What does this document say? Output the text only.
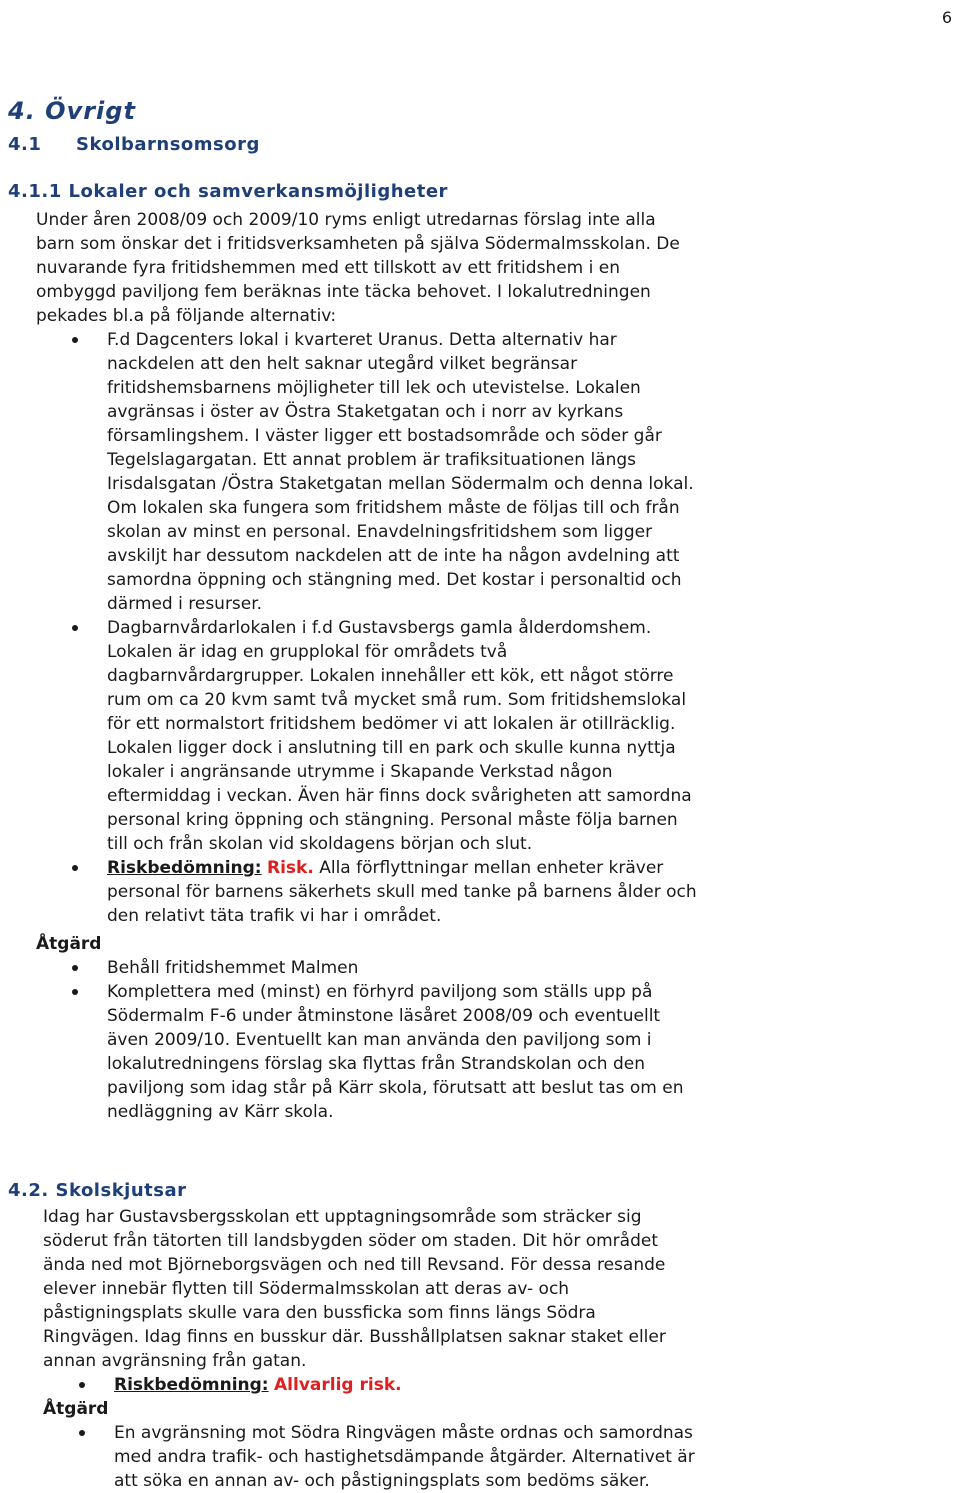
6
4. Övrigt
4.1 Skolbarnsomsorg
4.1.1 Lokaler och samverkansmöjligheter
Under åren 2008/09 och 2009/10 ryms enligt utredarnas förslag inte alla
barn som önskar det i fritidsverksamheten på själva Södermalmsskolan. De
nuvarande fyra fritidshemmen med ett tillskott av ett fritidshem i en
ombyggd paviljong fem beräknas inte täcka behovet. I lokalutredningen
pekades bl.a på följande alternativ:
F.d Dagcenters lokal i kvarteret Uranus. Detta alternativ har
nackdelen att den helt saknar utegård vilket begränsar
fritidshemsbarnens möjligheter till lek och utevistelse. Lokalen
avgränsas i öster av Östra Staketgatan och i norr av kyrkans
församlingshem. I väster ligger ett bostadsområde och söder går
Tegelslagargatan. Ett annat problem är trafiksituationen längs
Irisdalsgatan /Östra Staketgatan mellan Södermalm och denna lokal.
Om lokalen ska fungera som fritidshem måste de följas till och från
skolan av minst en personal. Enavdelningsfritidshem som ligger
avskiljt har dessutom nackdelen att de inte ha någon avdelning att
samordna öppning och stängning med. Det kostar i personaltid och
därmed i resurser.
Dagbarnvårdarlokalen i f.d Gustavsbergs gamla ålderdomshem.
Lokalen är idag en grupplokal för områdets två
dagbarnvårdargrupper. Lokalen innehåller ett kök, ett något större
rum om ca 20 kvm samt två mycket små rum. Som fritidshemslokal
för ett normalstort fritidshem bedömer vi att lokalen är otillräcklig.
Lokalen ligger dock i anslutning till en park och skulle kunna nyttja
lokaler i angränsande utrymme i Skapande Verkstad någon
eftermiddag i veckan. Även här finns dock svårigheten att samordna
personal kring öppning och stängning. Personal måste följa barnen
till och från skolan vid skoldagens början och slut.
Riskbedömning: Risk. Alla förflyttningar mellan enheter kräver
personal för barnens säkerhets skull med tanke på barnens ålder och
den relativt täta trafik vi har i området.
Åtgärd
Behåll fritidshemmet Malmen
Komplettera med (minst) en förhyrd paviljong som ställs upp på
Södermalm F-6 under åtminstone läsåret 2008/09 och eventuellt
även 2009/10. Eventuellt kan man använda den paviljong som i
lokalutredningens förslag ska flyttas från Strandskolan och den
paviljong som idag står på Kärr skola, förutsatt att beslut tas om en
nedläggning av Kärr skola.
4.2. Skolskjutsar
Idag har Gustavsbergsskolan ett upptagningsområde som sträcker sig
söderut från tätorten till landsbygden söder om staden. Dit hör området
ända ned mot Björneborgsvägen och ned till Revsand. För dessa resande
elever innebär flytten till Södermalmsskolan att deras av- och
påstigningsplats skulle vara den bussficka som finns längs Södra
Ringvägen. Idag finns en busskur där. Busshållplatsen saknar staket eller
annan avgränsning från gatan.
Riskbedömning: Allvarlig risk.
Åtgärd
En avgränsning mot Södra Ringvägen måste ordnas och samordnas
med andra trafik- och hastighetsdämpande åtgärder. Alternativet är
att söka en annan av- och påstigningsplats som bedöms säker.
